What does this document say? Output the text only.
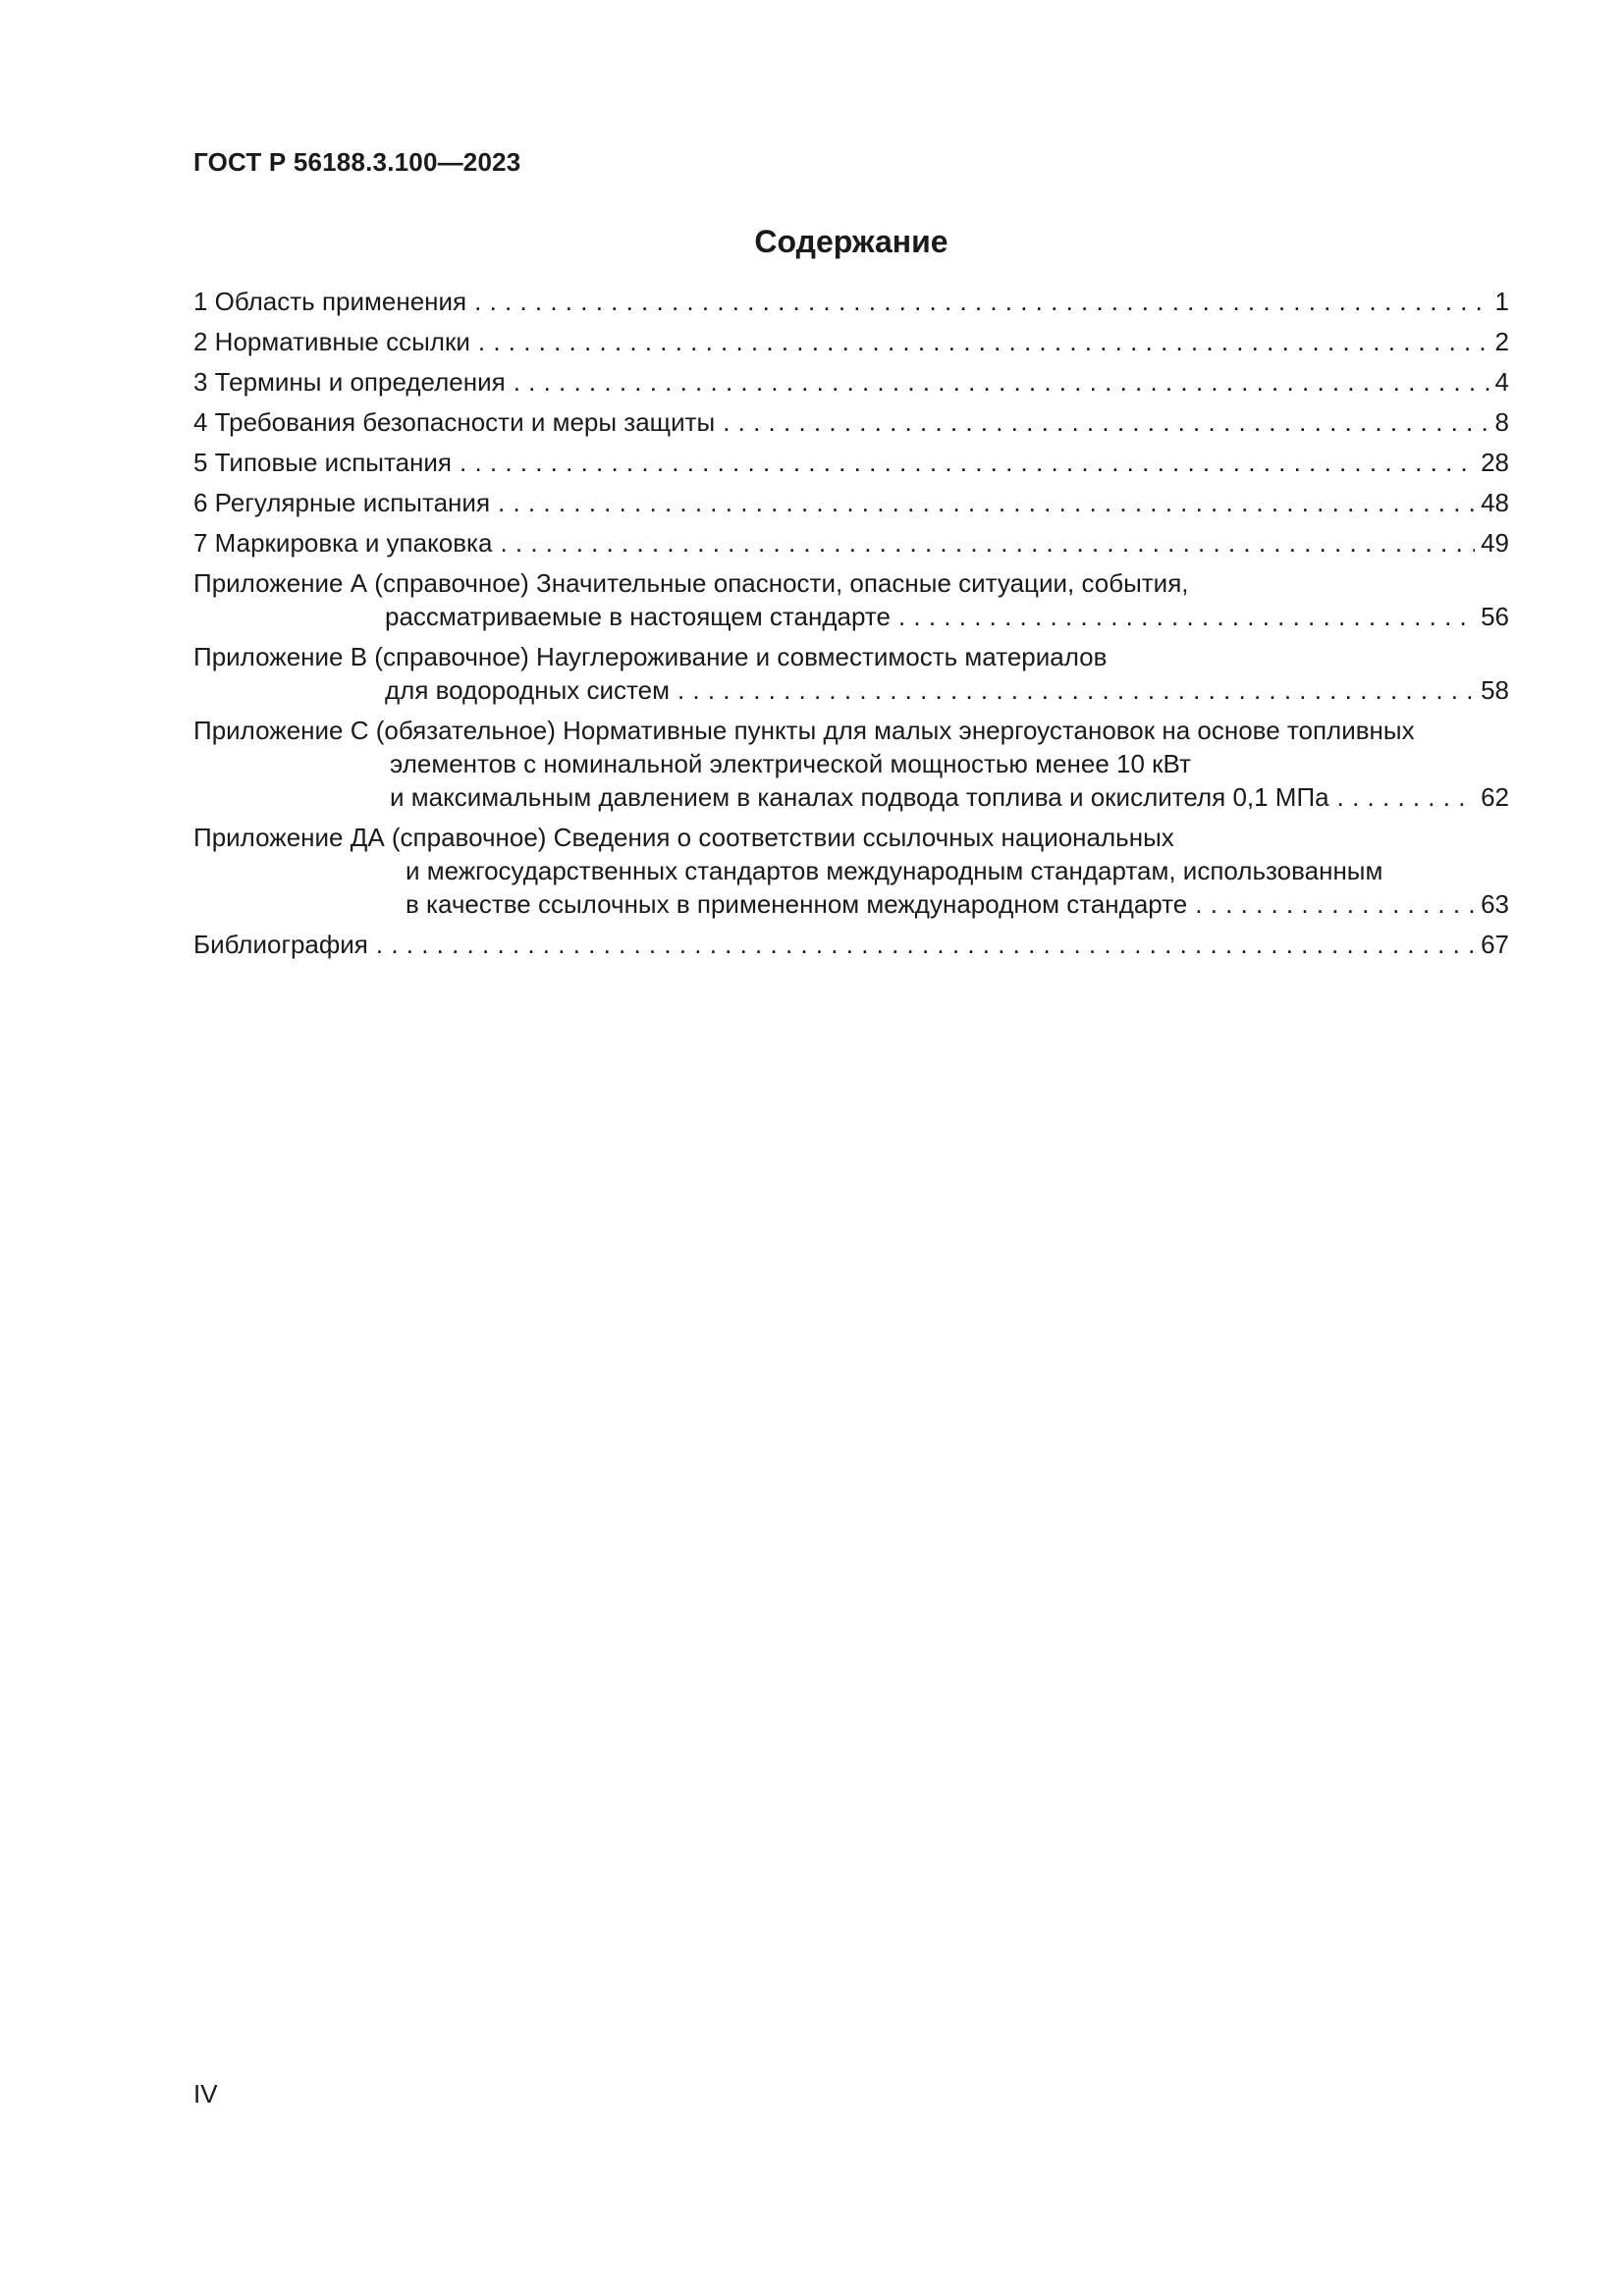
ГОСТ Р 56188.3.100—2023
Содержание
1 Область применения . . .	1
2 Нормативные ссылки . . .	2
3 Термины и определения . . .	4
4 Требования безопасности и меры защиты . . .	8
5 Типовые испытания . . .	28
6 Регулярные испытания . . .	48
7 Маркировка и упаковка . . .	49
Приложение А (справочное) Значительные опасности, опасные ситуации, события,
рассматриваемые в настоящем стандарте . . .	56
Приложение В (справочное) Науглероживание и совместимость материалов
для водородных систем . . .	58
Приложение С (обязательное) Нормативные пункты для малых энергоустановок на основе топливных
элементов с номинальной электрической мощностью менее 10 кВт
и максимальным давлением в каналах подвода топлива и окислителя 0,1 МПа . . .	62
Приложение ДА (справочное) Сведения о соответствии ссылочных национальных
и межгосударственных стандартов международным стандартам, использованным
в качестве ссылочных в примененном международном стандарте . . .	63
Библиография . . .	67
IV
